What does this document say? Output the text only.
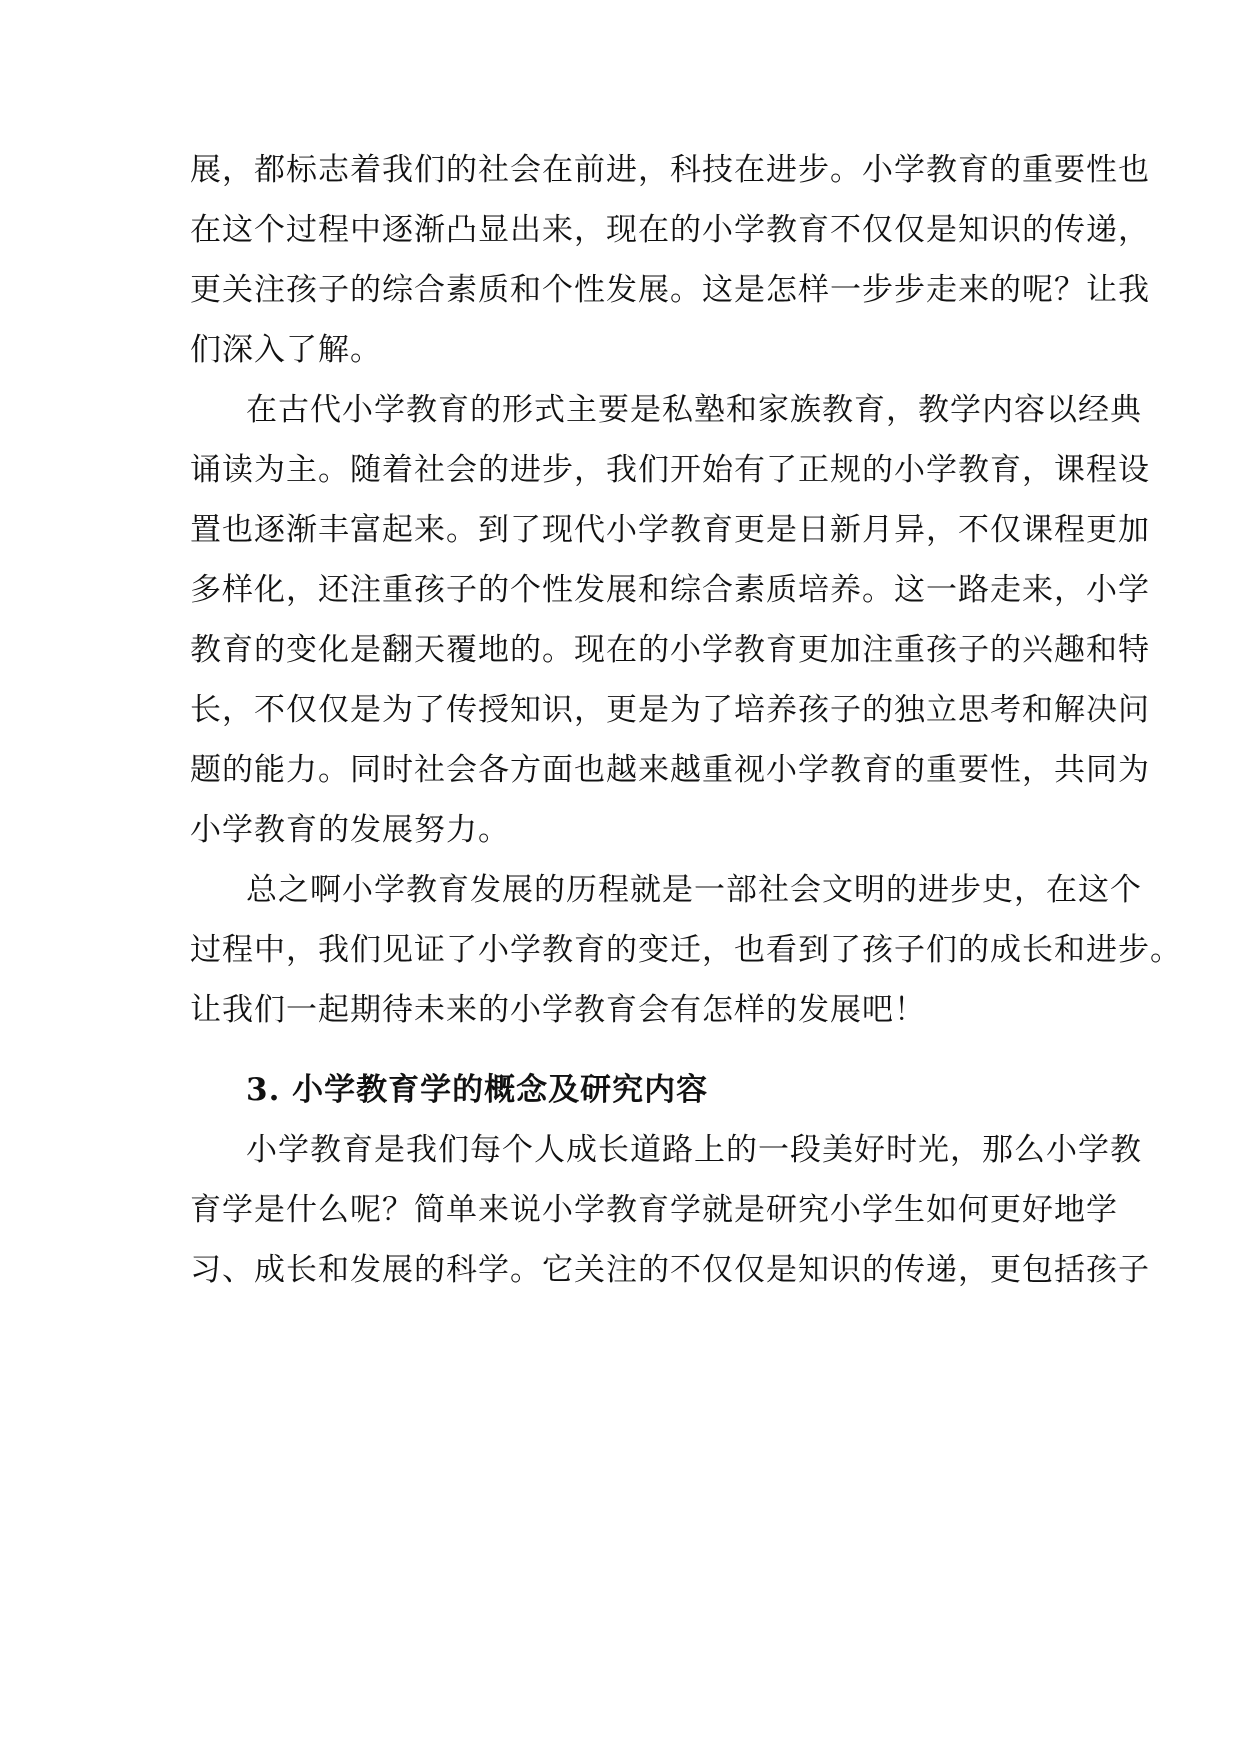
展，都标志着我们的社会在前进，科技在进步。小学教育的重要性也
在这个过程中逐渐凸显出来，现在的小学教育不仅仅是知识的传递，
更关注孩子的综合素质和个性发展。这是怎样一步步走来的呢？让我
们深入了解。
在古代小学教育的形式主要是私塾和家族教育，教学内容以经典
诵读为主。随着社会的进步，我们开始有了正规的小学教育，课程设
置也逐渐丰富起来。到了现代小学教育更是日新月异，不仅课程更加
多样化，还注重孩子的个性发展和综合素质培养。这一路走来，小学
教育的变化是翻天覆地的。现在的小学教育更加注重孩子的兴趣和特
长，不仅仅是为了传授知识，更是为了培养孩子的独立思考和解决问
题的能力。同时社会各方面也越来越重视小学教育的重要性，共同为
小学教育的发展努力。
总之啊小学教育发展的历程就是一部社会文明的进步史，在这个
过程中，我们见证了小学教育的变迁，也看到了孩子们的成长和进步。
让我们一起期待未来的小学教育会有怎样的发展吧！
3. 小学教育学的概念及研究内容
小学教育是我们每个人成长道路上的一段美好时光，那么小学教
育学是什么呢？简单来说小学教育学就是研究小学生如何更好地学
习、成长和发展的科学。它关注的不仅仅是知识的传递，更包括孩子
